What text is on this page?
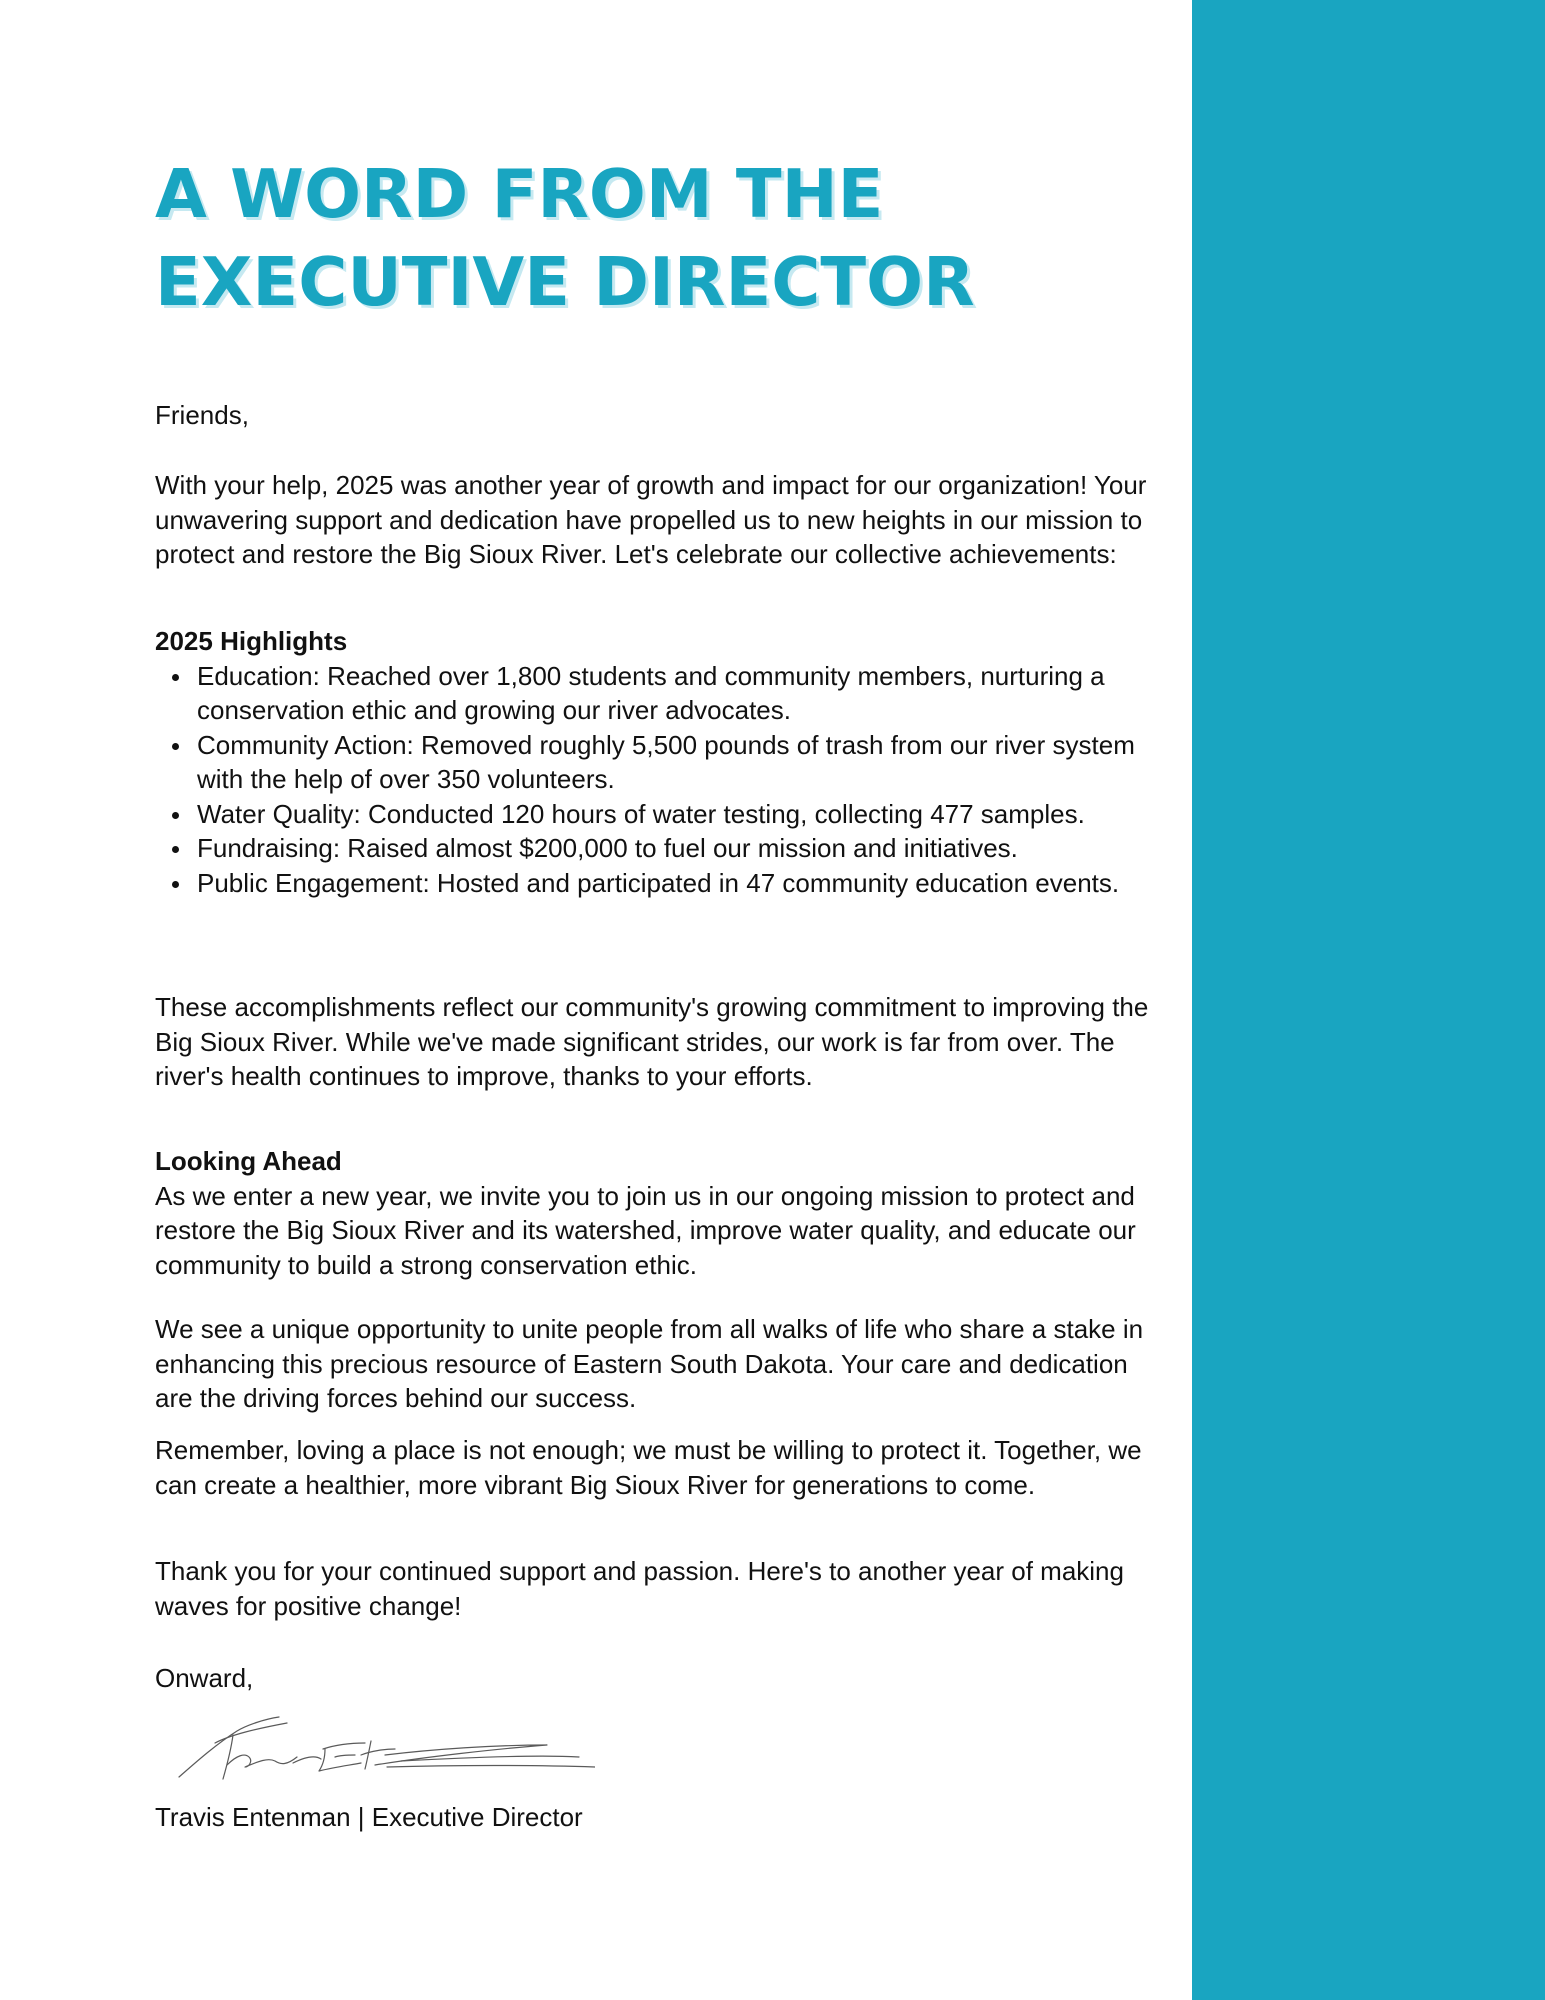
A WORD FROM THE
EXECUTIVE DIRECTOR

Friends,

With your help, 2025 was another year of growth and impact for our organization! Your unwavering support and dedication have propelled us to new heights in our mission to protect and restore the Big Sioux River. Let's celebrate our collective achievements:

2025 Highlights

Education: Reached over 1,800 students and community members, nurturing a conservation ethic and growing our river advocates.
Community Action: Removed roughly 5,500 pounds of trash from our river system with the help of over 350 volunteers.
Water Quality: Conducted 120 hours of water testing, collecting 477 samples.
Fundraising: Raised almost $200,000 to fuel our mission and initiatives.
Public Engagement: Hosted and participated in 47 community education events.

These accomplishments reflect our community's growing commitment to improving the Big Sioux River. While we've made significant strides, our work is far from over. The river's health continues to improve, thanks to your efforts.

Looking Ahead

As we enter a new year, we invite you to join us in our ongoing mission to protect and restore the Big Sioux River and its watershed, improve water quality, and educate our community to build a strong conservation ethic.

We see a unique opportunity to unite people from all walks of life who share a stake in enhancing this precious resource of Eastern South Dakota. Your care and dedication are the driving forces behind our success.

Remember, loving a place is not enough; we must be willing to protect it. Together, we can create a healthier, more vibrant Big Sioux River for generations to come.

Thank you for your continued support and passion. Here's to another year of making waves for positive change!

Onward,

Travis Entenman | Executive Director
